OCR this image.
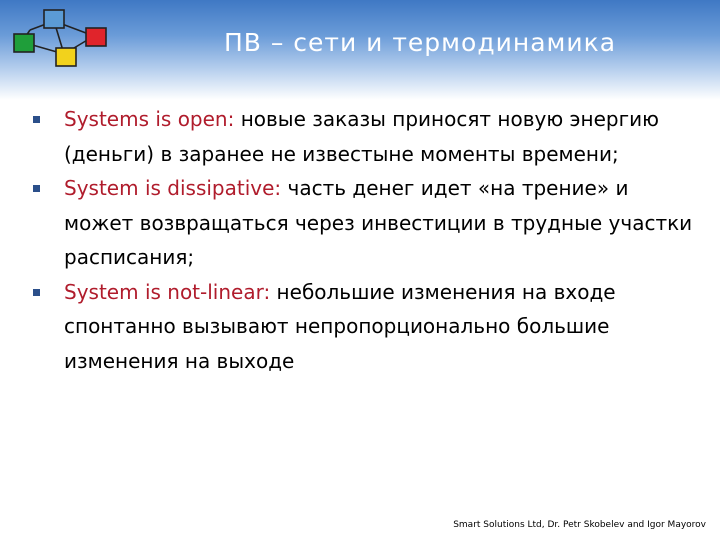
ПВ – сети и термодинамика
Systems is open: новые заказы приносят новую энергию (деньги) в заранее не известыне моменты времени;
System is dissipative: часть денег идет «на трение» и может возвращаться через инвестиции в трудные участки расписания;
System is not-linear: небольшие изменения на входе спонтанно вызывают непропорционально большие изменения на выходе
Smart Solutions Ltd, Dr. Petr Skobelev and Igor Mayorov
